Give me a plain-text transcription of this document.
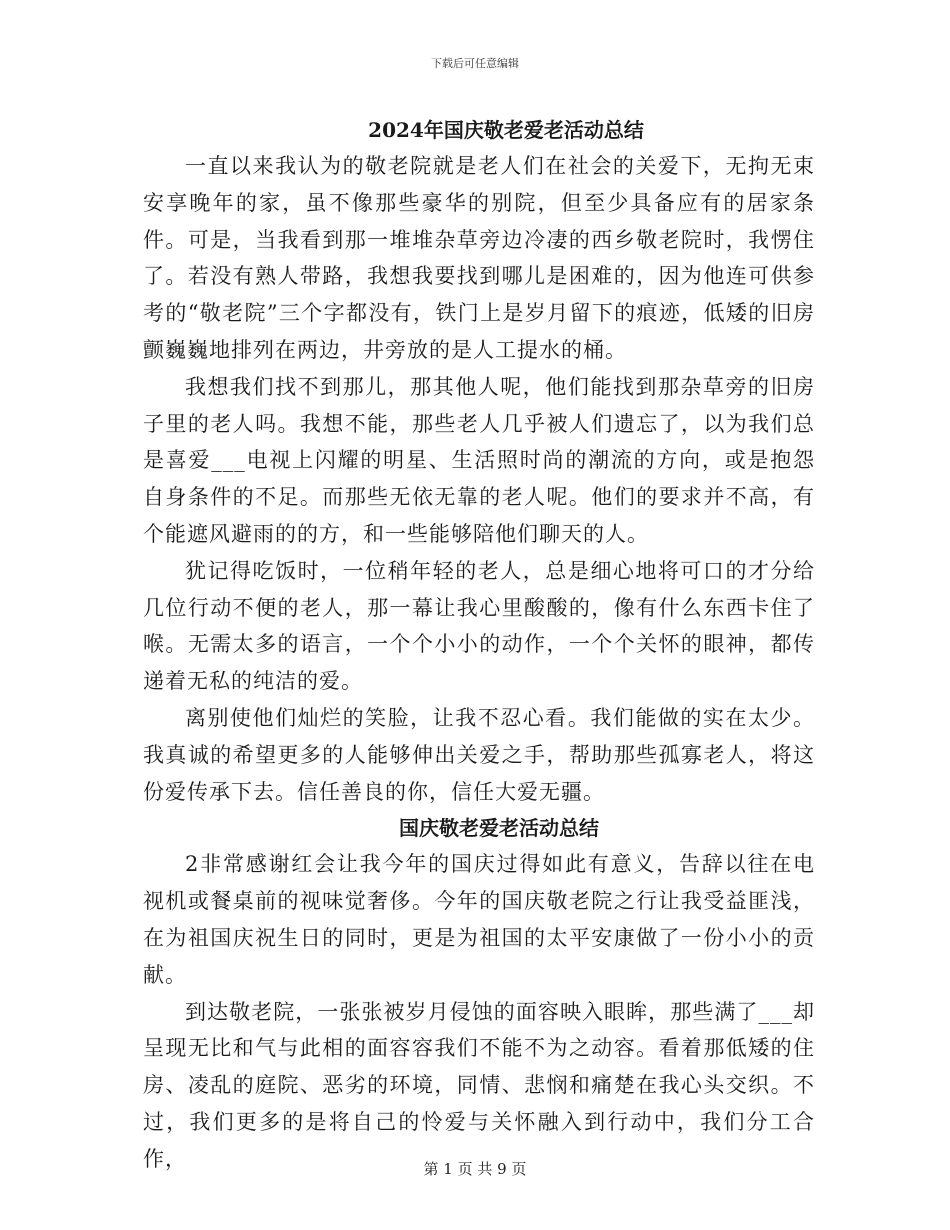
下载后可任意编辑
2024年国庆敬老爱老活动总结

一直以来我认为的敬老院就是老人们在社会的关爱下，无拘无束安享晚年的家，虽不像那些豪华的别院，但至少具备应有的居家条件。可是，当我看到那一堆堆杂草旁边冷凄的西乡敬老院时，我愣住了。若没有熟人带路，我想我要找到哪儿是困难的，因为他连可供参考的“敬老院”三个字都没有，铁门上是岁月留下的痕迹，低矮的旧房颤巍巍地排列在两边，井旁放的是人工提水的桶。

我想我们找不到那儿，那其他人呢，他们能找到那杂草旁的旧房子里的老人吗。我想不能，那些老人几乎被人们遗忘了，以为我们总是喜爱___电视上闪耀的明星、生活照时尚的潮流的方向，或是抱怨自身条件的不足。而那些无依无靠的老人呢。他们的要求并不高，有个能遮风避雨的的方，和一些能够陪他们聊天的人。

犹记得吃饭时，一位稍年轻的老人，总是细心地将可口的才分给几位行动不便的老人，那一幕让我心里酸酸的，像有什么东西卡住了喉。无需太多的语言，一个个小小的动作，一个个关怀的眼神，都传递着无私的纯洁的爱。

离别使他们灿烂的笑脸，让我不忍心看。我们能做的实在太少。我真诚的希望更多的人能够伸出关爱之手，帮助那些孤寡老人，将这份爱传承下去。信任善良的你，信任大爱无疆。

国庆敬老爱老活动总结

2非常感谢红会让我今年的国庆过得如此有意义，告辞以往在电视机或餐桌前的视味觉奢侈。今年的国庆敬老院之行让我受益匪浅，在为祖国庆祝生日的同时，更是为祖国的太平安康做了一份小小的贡献。

到达敬老院，一张张被岁月侵蚀的面容映入眼眸，那些满了___却呈现无比和气与此相的面容容我们不能不为之动容。看着那低矮的住房、凌乱的庭院、恶劣的环境，同情、悲悯和痛楚在我心头交织。不过，我们更多的是将自己的怜爱与关怀融入到行动中，我们分工合作，	第 1 页 共 9 页
